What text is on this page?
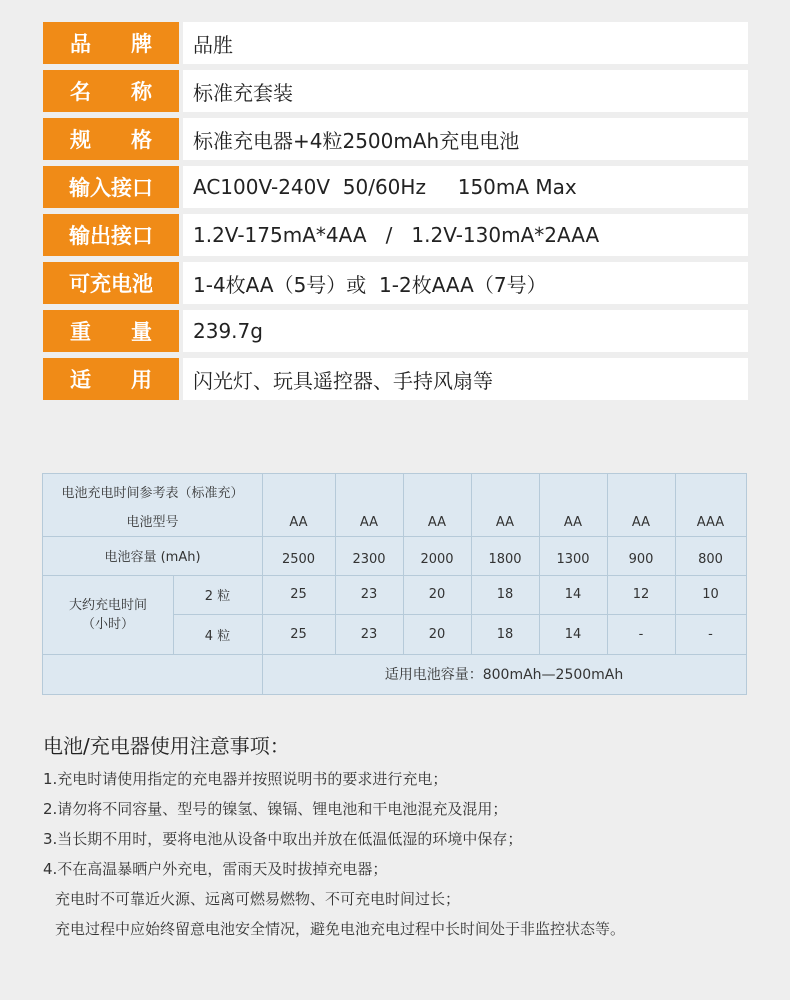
品 牌	品胜
名 称	标准充套装
规 格	标准充电器+4粒2500mAh充电电池
输入接口	AC100V-240V  50/60Hz     150mA Max
输出接口	1.2V-175mA*4AA   /   1.2V-130mA*2AAA
可充电池	1-4枚AA（5号）或  1-2枚AAA（7号）
重 量	239.7g
适 用	闪光灯、玩具遥控器、手持风扇等
电池充电时间参考表（标准充）
电池型号	AA	AA	AA	AA	AA	AA	AAA
电池容量 (mAh)	2500	2300	2000	1800	1300	900	800
大约充电时间
（小时）
2 粒	25	23	20	18	14	12	10
4 粒	25	23	20	18	14	-	-
适用电池容量：800mAh—2500mAh
电池/充电器使用注意事项：
1.充电时请使用指定的充电器并按照说明书的要求进行充电；
2.请勿将不同容量、型号的镍氢、镍镉、锂电池和干电池混充及混用；
3.当长期不用时，要将电池从设备中取出并放在低温低湿的环境中保存；
4.不在高温暴晒户外充电，雷雨天及时拔掉充电器；
充电时不可靠近火源、远离可燃易燃物、不可充电时间过长；
充电过程中应始终留意电池安全情况，避免电池充电过程中长时间处于非监控状态等。
